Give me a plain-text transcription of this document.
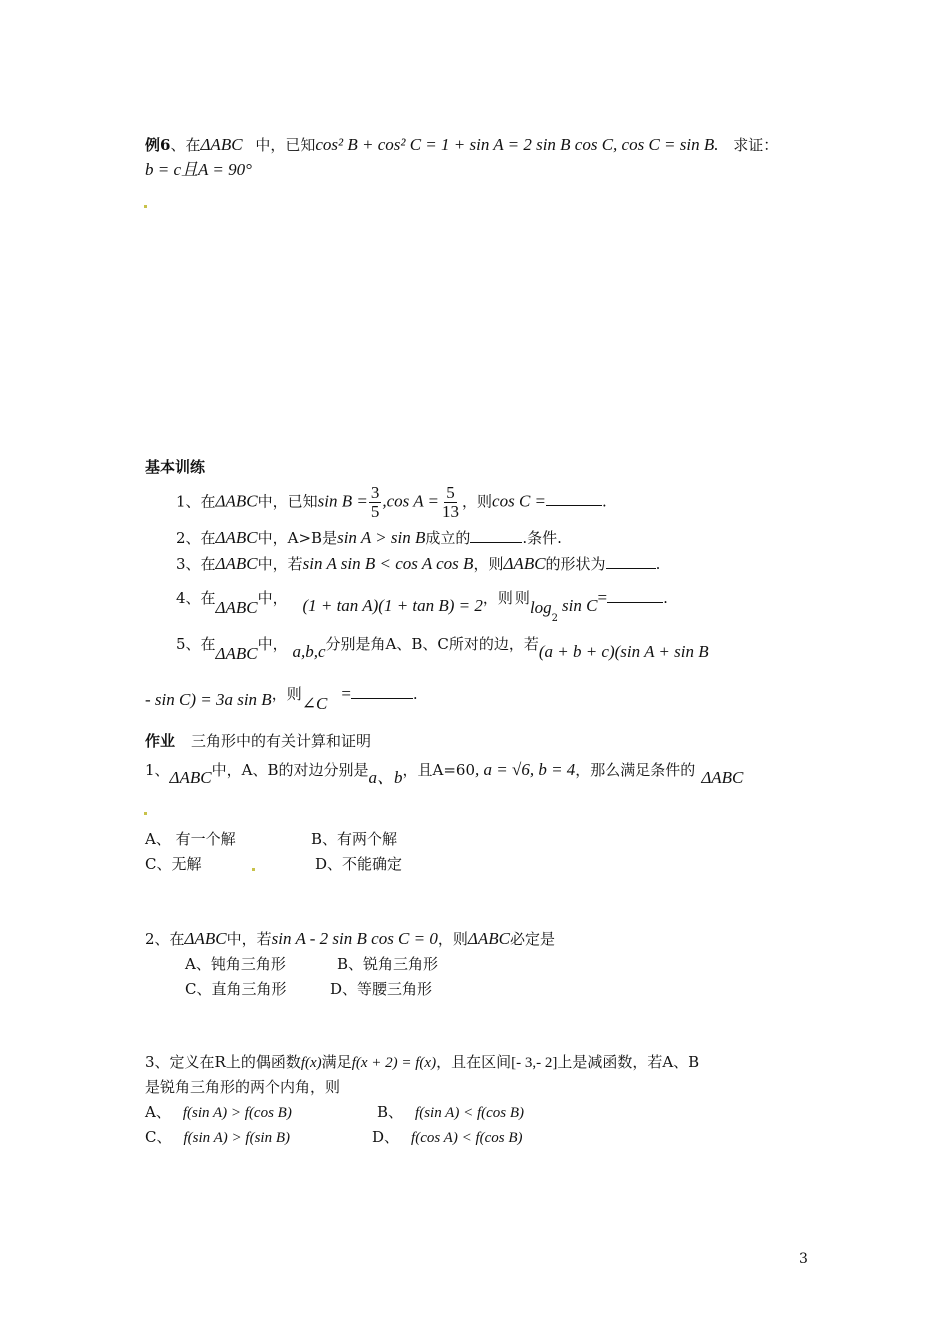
例6、在ΔABC 中，已知cos² B + cos² C = 1 + sin A = 2 sin B cos C, cos C = sin B. 求证：
b = c且A = 90°
基本训练
1、在ΔABC中，已知$\sin B = \frac{3}{5} ,\cos$ $A = \frac{5}{13}$ ，则cos C =	.
2、在ΔABC中，A>B是sin A > sin B成立的	.条件.
3、在ΔABC中，若sin A sin B < cos A cos B，则ΔABC的形状为	.
4、在ΔABC中， (1 + tan A)(1 + tan B) = 2，则 则$\log_2\sin$ C=	.
5、在ΔABC中， a,b,c分别是角A、B、C所对的边，若(a + b + c)(sin A + sin B
- sin C) = 3a sin B，则∠C=	.
作业 三角形中的有关计算和证明
1、ΔABC中，A、B的对边分别是a、b，且A=60, a = √6, b = 4，那么满足条件的 ΔABC
A、 有一个解	B、有两个解
C、无解	D、不能确定
2、在ΔABC中，若sin A - 2 sin B cos C = 0，则ΔABC必定是
A、钝角三角形	B、锐角三角形
C、直角三角形	D、等腰三角形
3、定义在R上的偶函数f(x)满足f(x + 2) = f(x)，且在区间[- 3,- 2]上是减函数，若A、B
是锐角三角形的两个内角，则
A、 f(sin A) > f(cos B)	B、 f(sin A) < f(cos B)
C、 f(sin A) > f(sin B)	D、 f(cos A) < f(cos B)
3
